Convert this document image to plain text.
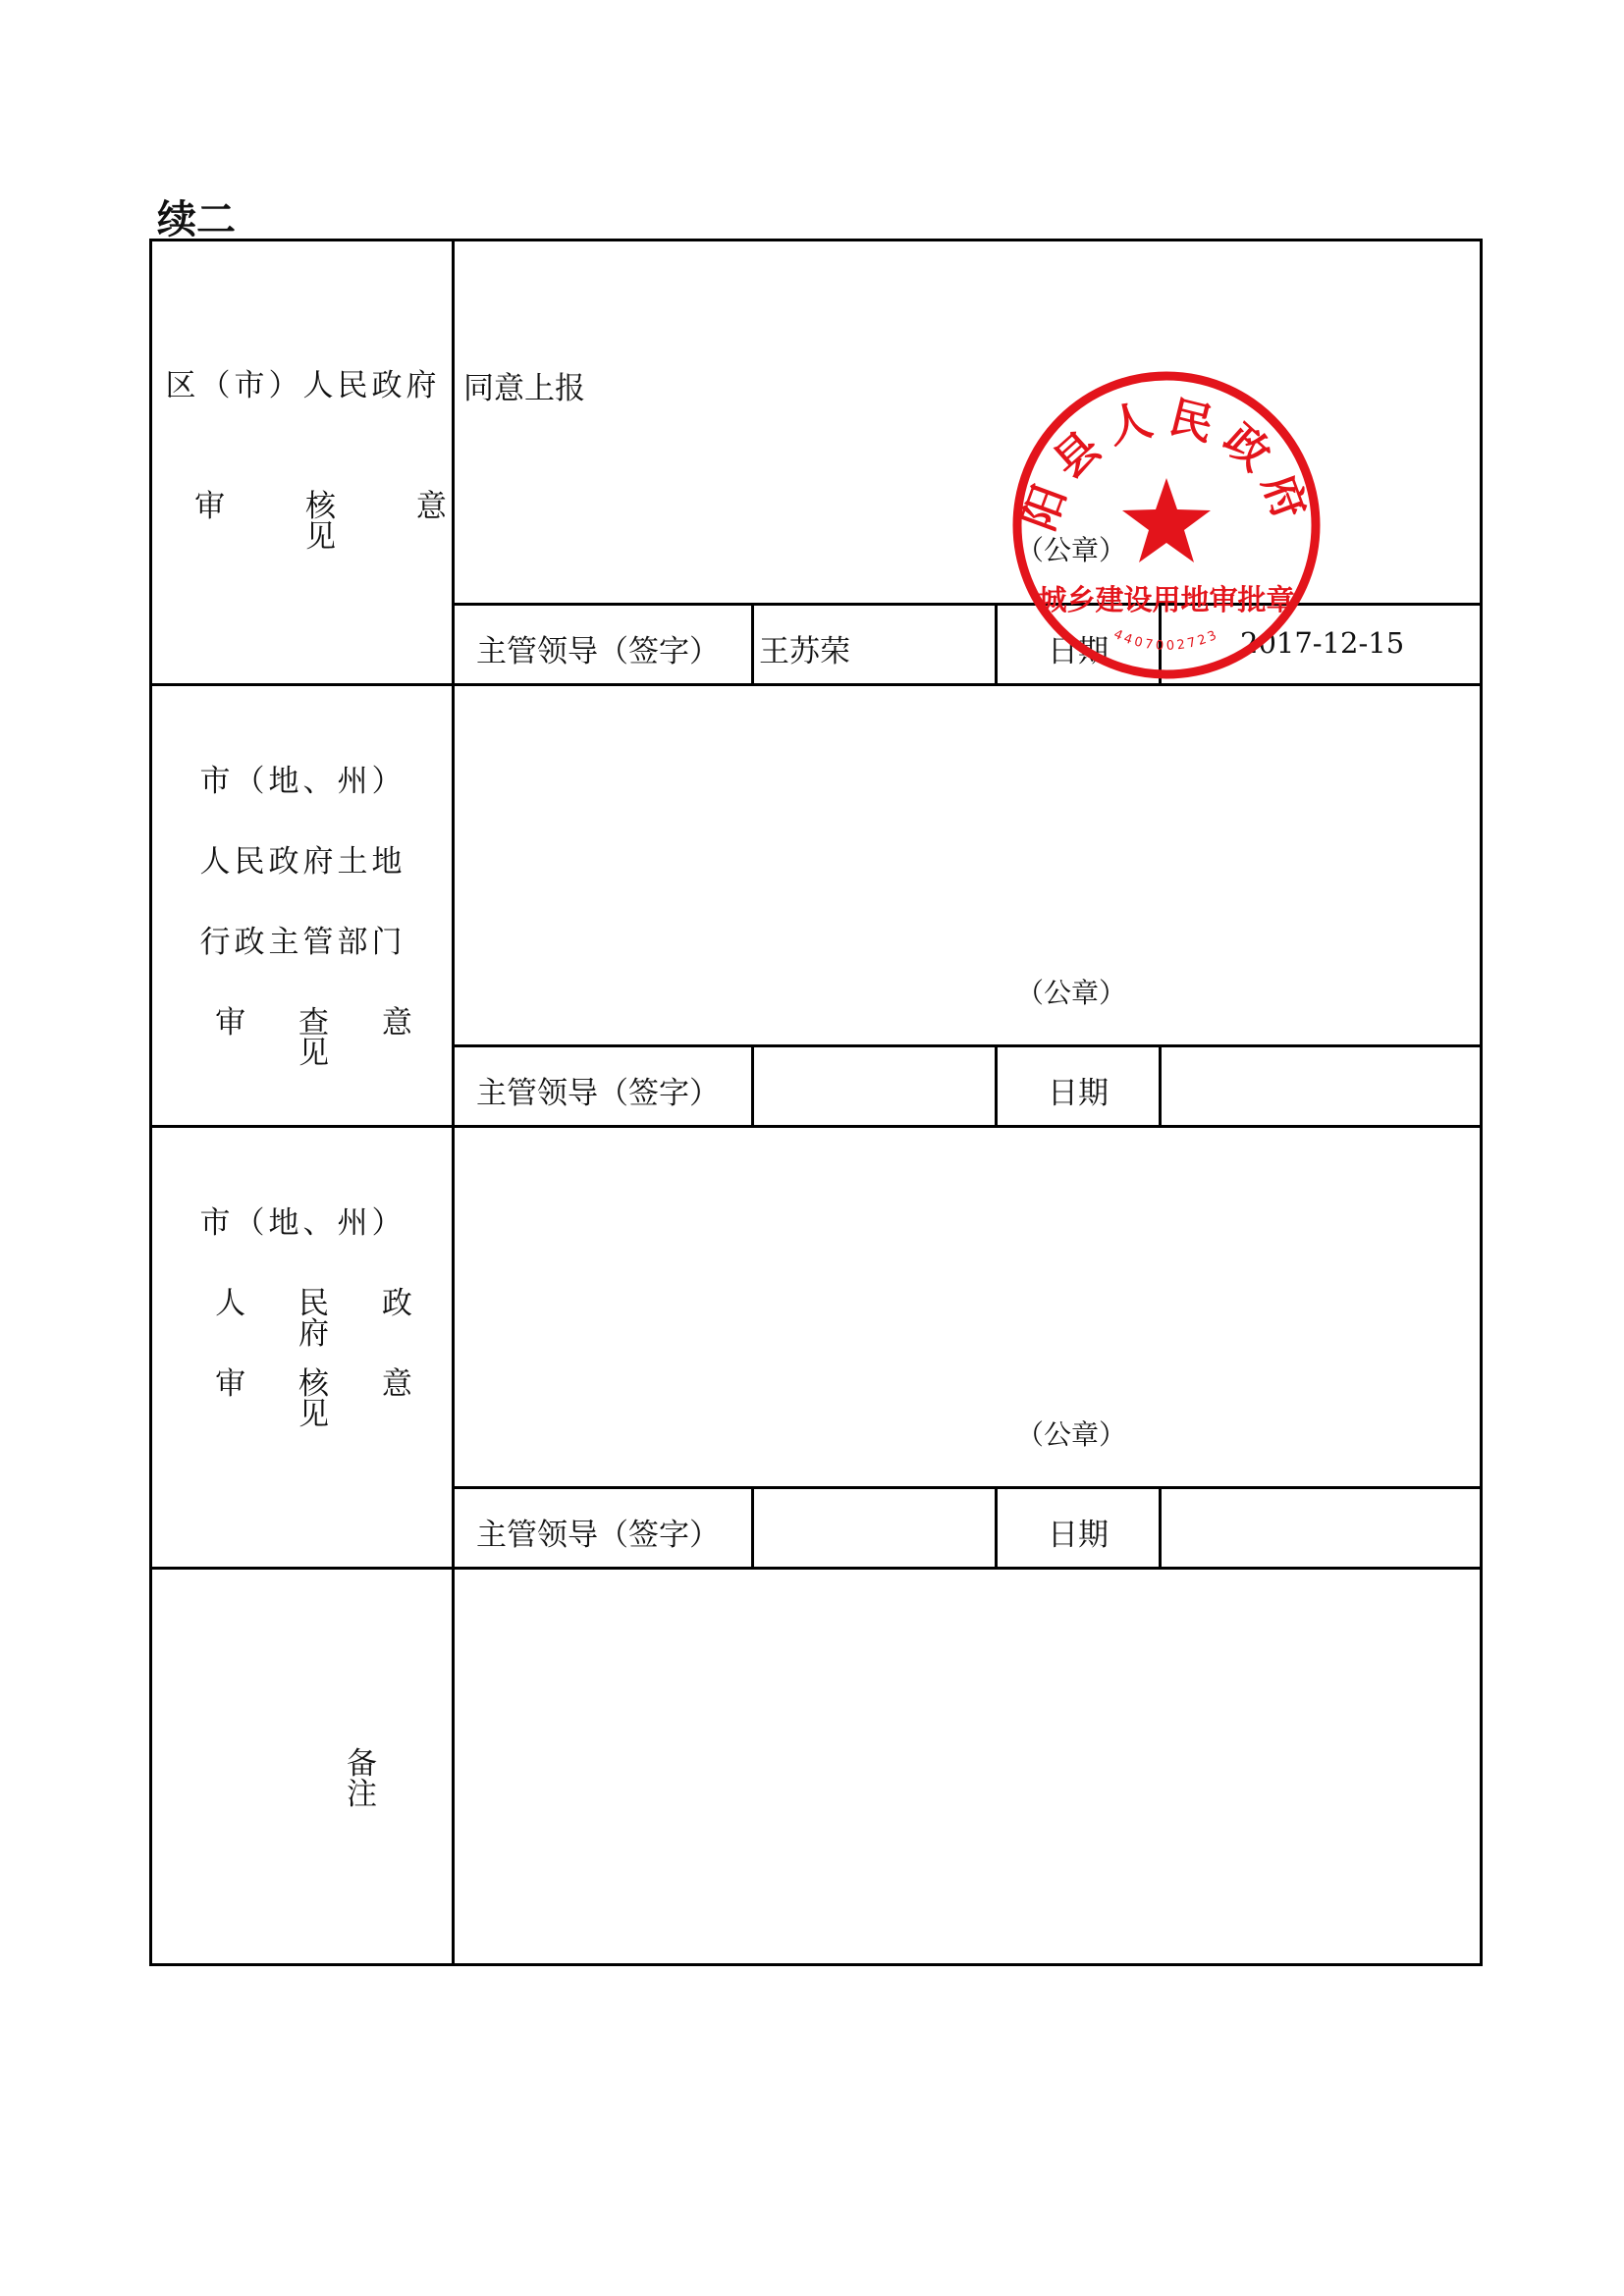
续二
区（市）人民政府
审 核 意 见
同意上报
（公章）
主管领导（签字） 王苏荣	日期	2017-12-15
市（地、州）
人民政府土地
行政主管部门
审 查 意 见
（公章）
主管领导（签字）	日期
市（地、州）
人 民 政 府
审 核 意 见
（公章）
主管领导（签字）	日期
备 注
阳县人民政府
城乡建设用地审批章
4407002723
